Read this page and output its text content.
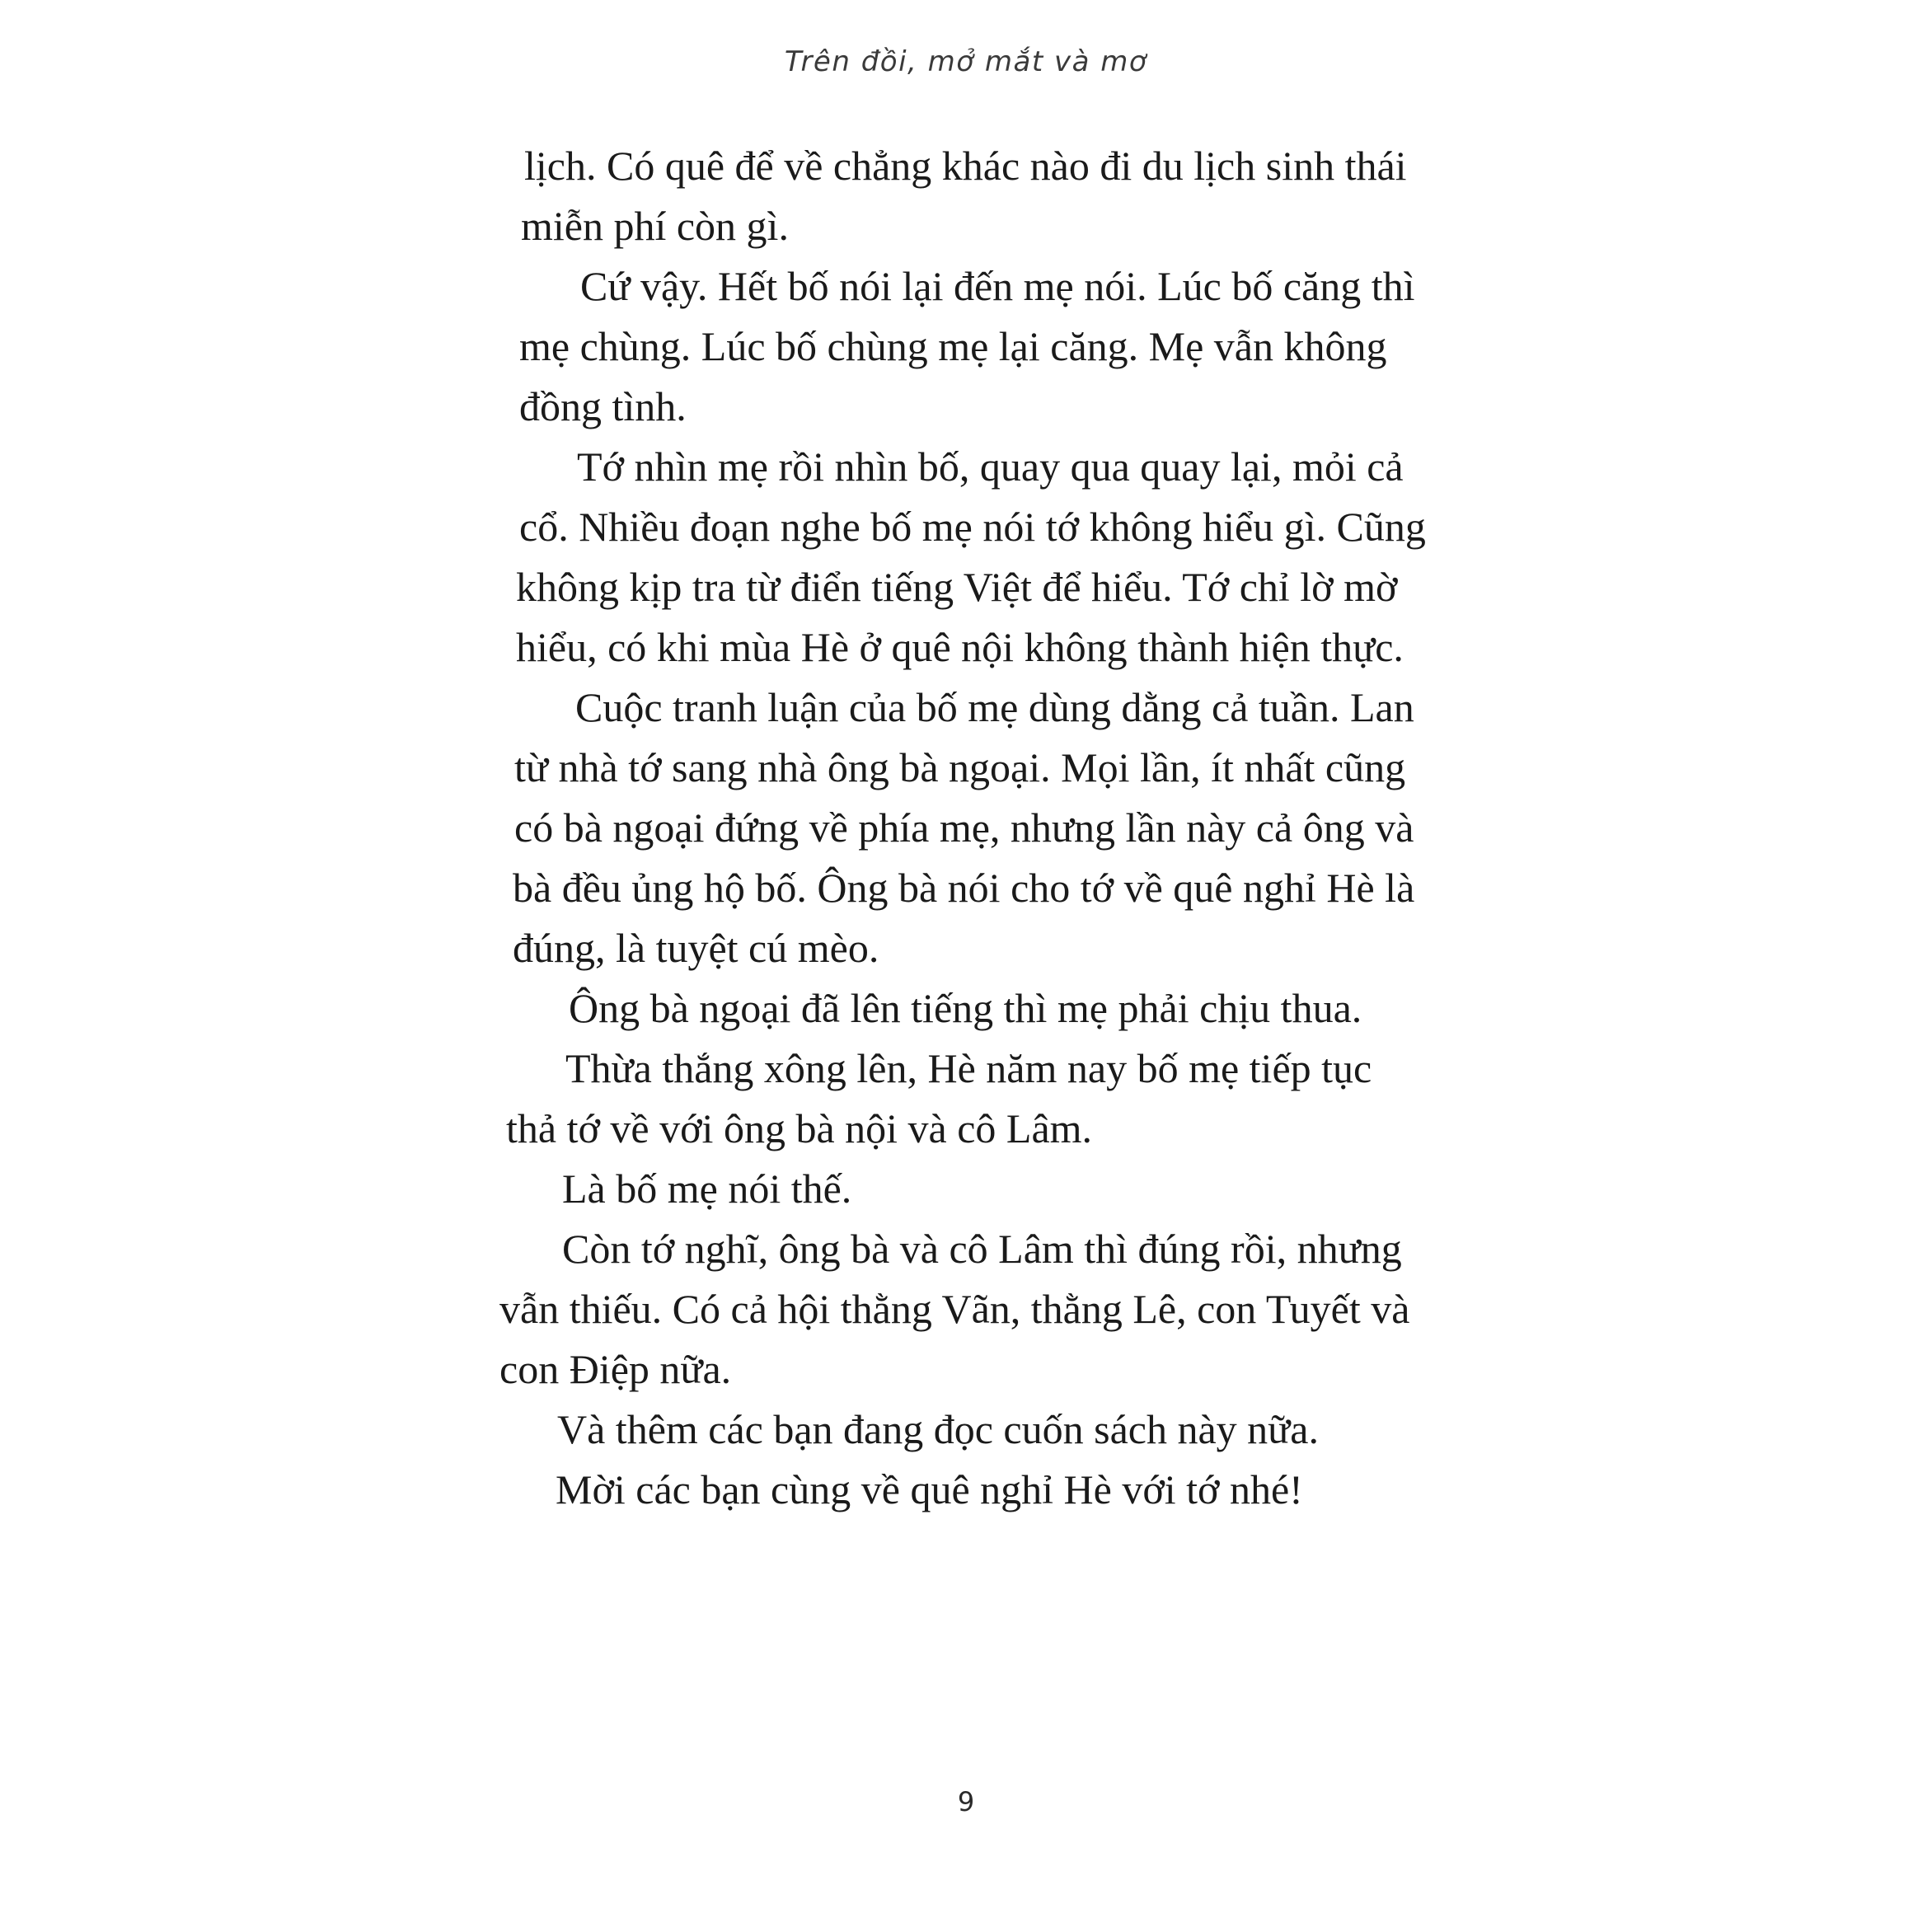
Trên đồi, mở mắt và mơ
lịch. Có quê để về chẳng khác nào đi du lịch sinh thái
miễn phí còn gì.
Cứ vậy. Hết bố nói lại đến mẹ nói. Lúc bố căng thì
mẹ chùng. Lúc bố chùng mẹ lại căng. Mẹ vẫn không
đồng tình.
Tớ nhìn mẹ rồi nhìn bố, quay qua quay lại, mỏi cả
cổ. Nhiều đoạn nghe bố mẹ nói tớ không hiểu gì. Cũng
không kịp tra từ điển tiếng Việt để hiểu. Tớ chỉ lờ mờ
hiểu, có khi mùa Hè ở quê nội không thành hiện thực.
Cuộc tranh luận của bố mẹ dùng dằng cả tuần. Lan
từ nhà tớ sang nhà ông bà ngoại. Mọi lần, ít nhất cũng
có bà ngoại đứng về phía mẹ, nhưng lần này cả ông và
bà đều ủng hộ bố. Ông bà nói cho tớ về quê nghỉ Hè là
đúng, là tuyệt cú mèo.
Ông bà ngoại đã lên tiếng thì mẹ phải chịu thua.
Thừa thắng xông lên, Hè năm nay bố mẹ tiếp tục
thả tớ về với ông bà nội và cô Lâm.
Là bố mẹ nói thế.
Còn tớ nghĩ, ông bà và cô Lâm thì đúng rồi, nhưng
vẫn thiếu. Có cả hội thằng Vãn, thằng Lê, con Tuyết và
con Điệp nữa.
Và thêm các bạn đang đọc cuốn sách này nữa.
Mời các bạn cùng về quê nghỉ Hè với tớ nhé!
9
